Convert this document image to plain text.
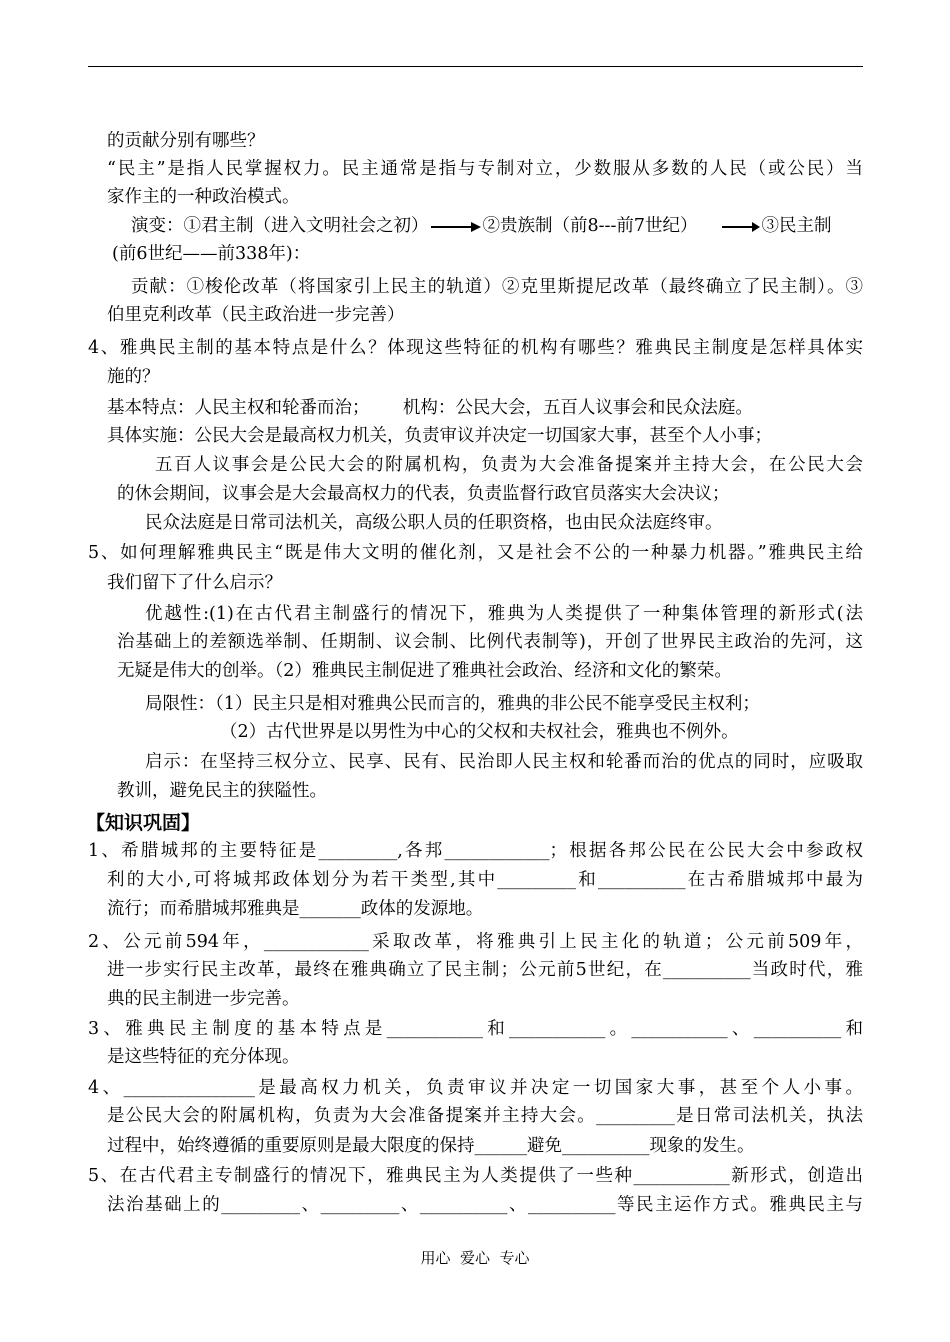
的贡献分别有哪些？
“民主”是指人民掌握权力。民主通常是指与专制对立，少数服从多数的人民（或公民）当
家作主的一种政治模式。
演变：①君主制（进入文明社会之初）	②贵族制（前8---前7世纪）	③民主制
(前6世纪——前338年)：
贡献：①梭伦改革（将国家引上民主的轨道）②克里斯提尼改革（最终确立了民主制）。③
伯里克利改革（民主政治进一步完善）
4、雅典民主制的基本特点是什么？体现这些特征的机构有哪些？雅典民主制度是怎样具体实
施的？
基本特点：人民主权和轮番而治；      机构：公民大会，五百人议事会和民众法庭。
具体实施：公民大会是最高权力机关，负责审议并决定一切国家大事，甚至个人小事；
五百人议事会是公民大会的附属机构，负责为大会准备提案并主持大会，在公民大会
的休会期间，议事会是大会最高权力的代表，负责监督行政官员落实大会决议；
民众法庭是日常司法机关，高级公职人员的任职资格，也由民众法庭终审。
5、如何理解雅典民主“既是伟大文明的催化剂，又是社会不公的一种暴力机器。”雅典民主给
我们留下了什么启示？
优越性:(1)在古代君主制盛行的情况下，雅典为人类提供了一种集体管理的新形式(法
治基础上的差额选举制、任期制、议会制、比例代表制等)，开创了世界民主政治的先河，这
无疑是伟大的创举。（2）雅典民主制促进了雅典社会政治、经济和文化的繁荣。
局限性：（1）民主只是相对雅典公民而言的，雅典的非公民不能享受民主权利；
（2）古代世界是以男性为中心的父权和夫权社会，雅典也不例外。
启示：在坚持三权分立、民享、民有、民治即人民主权和轮番而治的优点的同时，应吸取
教训，避免民主的狭隘性。
【知识巩固】
1、希腊城邦的主要特征是_________,各邦____________；根据各邦公民在公民大会中参政权
利的大小,可将城邦政体划分为若干类型,其中_________和__________在古希腊城邦中最为
流行；而希腊城邦雅典是_______政体的发源地。
2、公元前594年，____________采取改革，将雅典引上民主化的轨道；公元前509年，
进一步实行民主改革，最终在雅典确立了民主制；公元前5世纪，在__________当政时代，雅
典的民主制进一步完善。
3、雅典民主制度的基本特点是___________和___________。___________、__________和
是这些特征的充分体现。
4、_______________是最高权力机关，负责审议并决定一切国家大事，甚至个人小事。
是公民大会的附属机构，负责为大会准备提案并主持大会。_________是日常司法机关，执法
过程中，始终遵循的重要原则是最大限度的保持______避免__________现象的发生。
5、在古代君主专制盛行的情况下，雅典民主为人类提供了一些种___________新形式，创造出
法治基础上的_________、_________、__________、__________等民主运作方式。雅典民主与
用心  爱心  专心
